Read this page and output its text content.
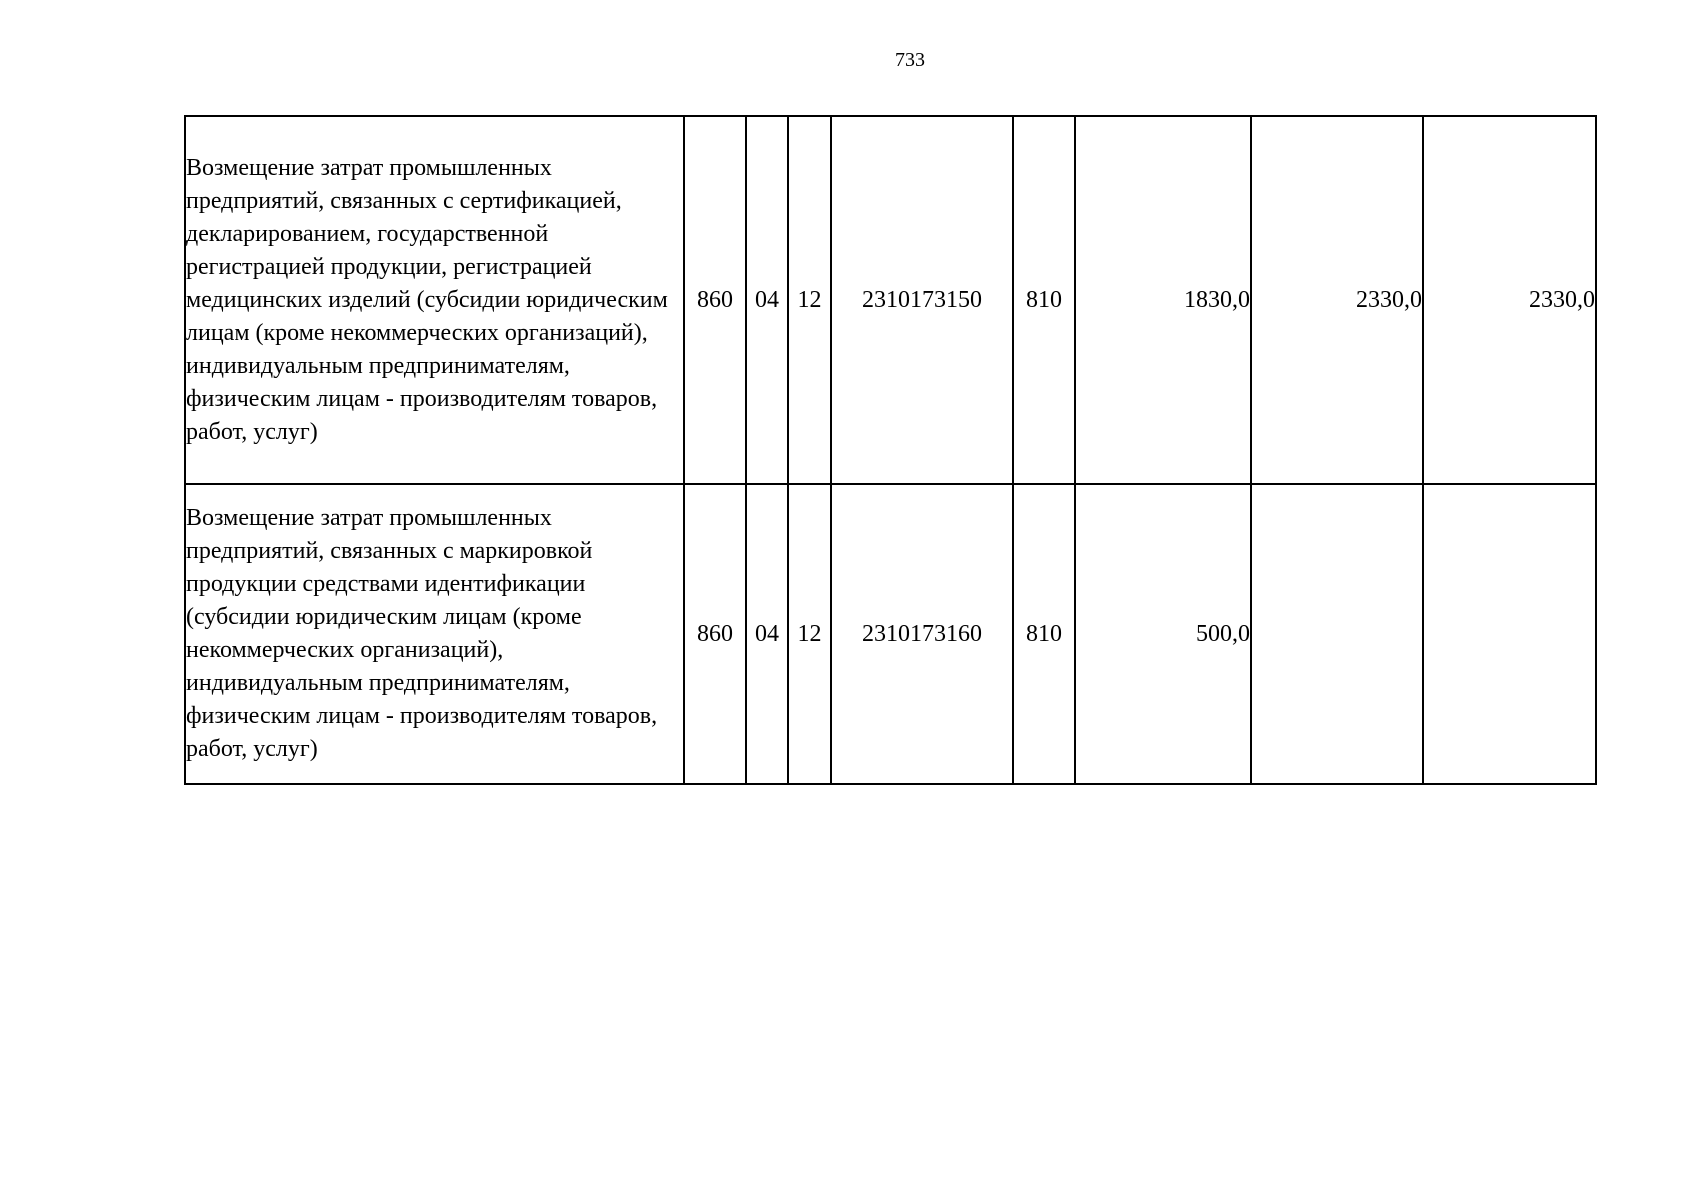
733
Возмещение затрат промышленных предприятий, связанных с сертификацией, декларированием, государственной регистрацией продукции, регистрацией медицинских изделий (субсидии юридическим лицам (кроме некоммерческих организаций), индивидуальным предпринимателям, физическим лицам - производителям товаров, работ, услуг)	860	04	12	2310173150	810	1830,0	2330,0	2330,0
Возмещение затрат промышленных предприятий, связанных с маркировкой продукции средствами идентификации (субсидии юридическим лицам (кроме некоммерческих организаций), индивидуальным предпринимателям, физическим лицам - производителям товаров, работ, услуг)	860	04	12	2310173160	810	500,0		
